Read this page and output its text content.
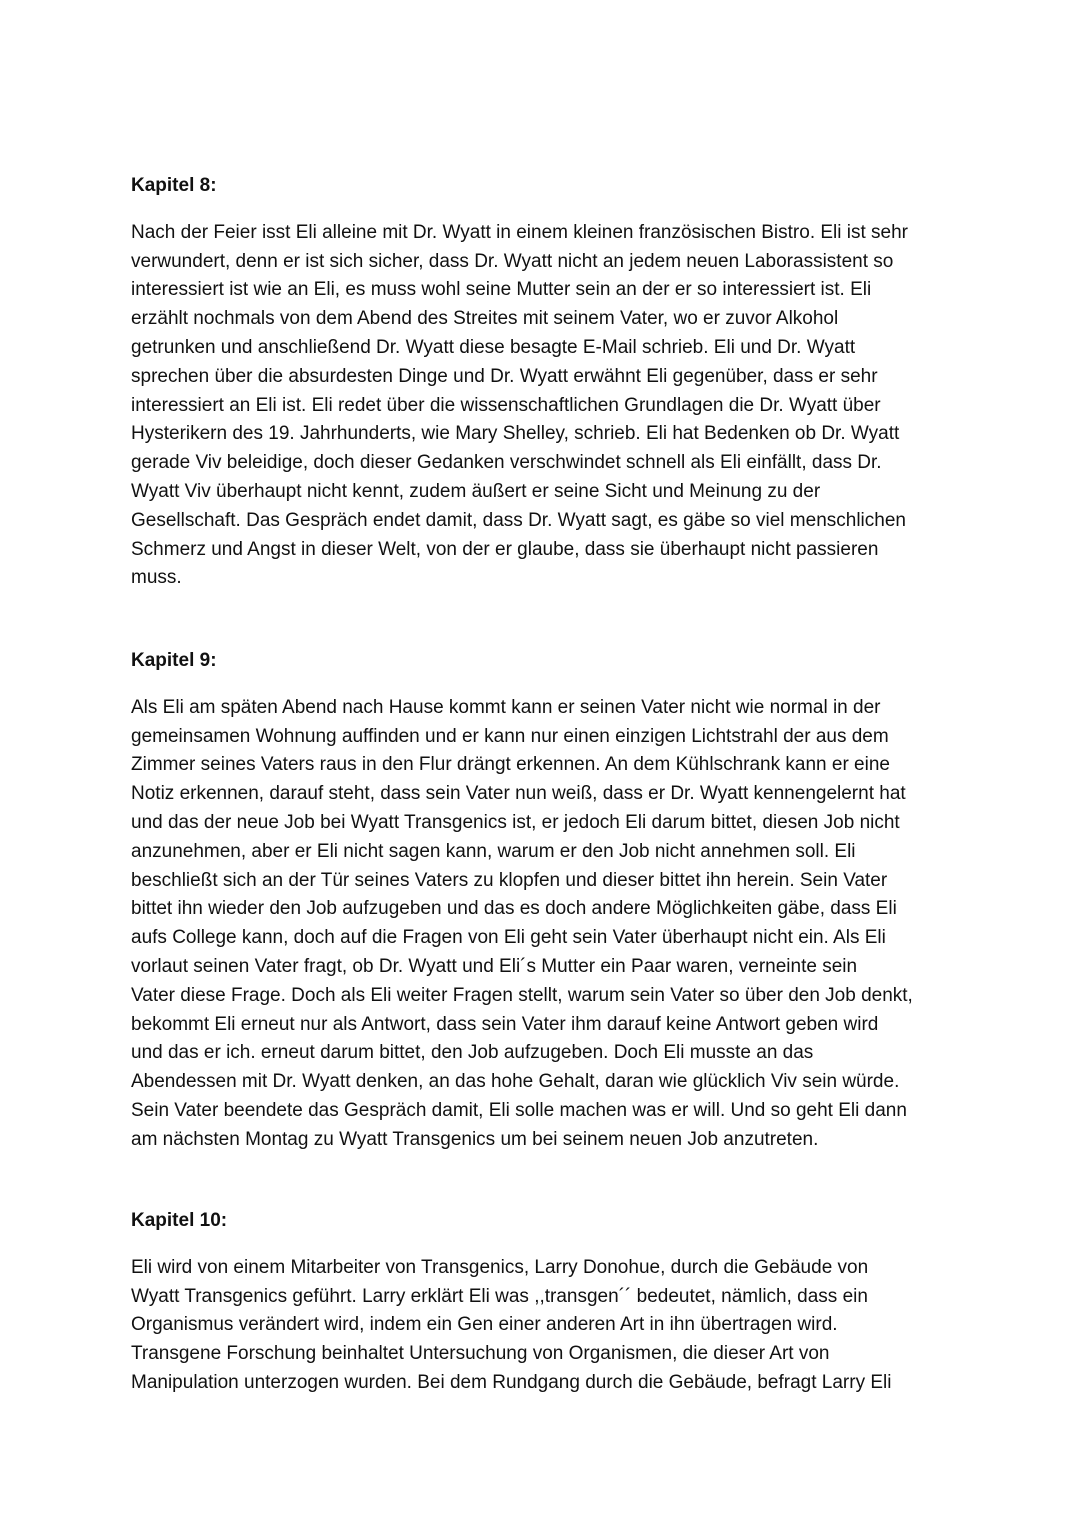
Kapitel 8:

Nach der Feier isst Eli alleine mit Dr. Wyatt in einem kleinen französischen Bistro. Eli ist sehr
verwundert, denn er ist sich sicher, dass Dr. Wyatt nicht an jedem neuen Laborassistent so
interessiert ist wie an Eli, es muss wohl seine Mutter sein an der er so interessiert ist. Eli
erzählt nochmals von dem Abend des Streites mit seinem Vater, wo er zuvor Alkohol
getrunken und anschließend Dr. Wyatt diese besagte E-Mail schrieb. Eli und Dr. Wyatt
sprechen über die absurdesten Dinge und Dr. Wyatt erwähnt Eli gegenüber, dass er sehr
interessiert an Eli ist. Eli redet über die wissenschaftlichen Grundlagen die Dr. Wyatt über
Hysterikern des 19. Jahrhunderts, wie Mary Shelley, schrieb. Eli hat Bedenken ob Dr. Wyatt
gerade Viv beleidige, doch dieser Gedanken verschwindet schnell als Eli einfällt, dass Dr.
Wyatt Viv überhaupt nicht kennt, zudem äußert er seine Sicht und Meinung zu der
Gesellschaft. Das Gespräch endet damit, dass Dr. Wyatt sagt, es gäbe so viel menschlichen
Schmerz und Angst in dieser Welt, von der er glaube, dass sie überhaupt nicht passieren
muss.

Kapitel 9:

Als Eli am späten Abend nach Hause kommt kann er seinen Vater nicht wie normal in der
gemeinsamen Wohnung auffinden und er kann nur einen einzigen Lichtstrahl der aus dem
Zimmer seines Vaters raus in den Flur drängt erkennen. An dem Kühlschrank kann er eine
Notiz erkennen, darauf steht, dass sein Vater nun weiß, dass er Dr. Wyatt kennengelernt hat
und das der neue Job bei Wyatt Transgenics ist, er jedoch Eli darum bittet, diesen Job nicht
anzunehmen, aber er Eli nicht sagen kann, warum er den Job nicht annehmen soll. Eli
beschließt sich an der Tür seines Vaters zu klopfen und dieser bittet ihn herein. Sein Vater
bittet ihn wieder den Job aufzugeben und das es doch andere Möglichkeiten gäbe, dass Eli
aufs College kann, doch auf die Fragen von Eli geht sein Vater überhaupt nicht ein. Als Eli
vorlaut seinen Vater fragt, ob Dr. Wyatt und Eli´s Mutter ein Paar waren, verneinte sein
Vater diese Frage. Doch als Eli weiter Fragen stellt, warum sein Vater so über den Job denkt,
bekommt Eli erneut nur als Antwort, dass sein Vater ihm darauf keine Antwort geben wird
und das er ich. erneut darum bittet, den Job aufzugeben. Doch Eli musste an das
Abendessen mit Dr. Wyatt denken, an das hohe Gehalt, daran wie glücklich Viv sein würde.
Sein Vater beendete das Gespräch damit, Eli solle machen was er will. Und so geht Eli dann
am nächsten Montag zu Wyatt Transgenics um bei seinem neuen Job anzutreten.

Kapitel 10:

Eli wird von einem Mitarbeiter von Transgenics, Larry Donohue, durch die Gebäude von
Wyatt Transgenics geführt. Larry erklärt Eli was ,,transgen´´ bedeutet, nämlich, dass ein
Organismus verändert wird, indem ein Gen einer anderen Art in ihn übertragen wird.
Transgene Forschung beinhaltet Untersuchung von Organismen, die dieser Art von
Manipulation unterzogen wurden. Bei dem Rundgang durch die Gebäude, befragt Larry Eli
